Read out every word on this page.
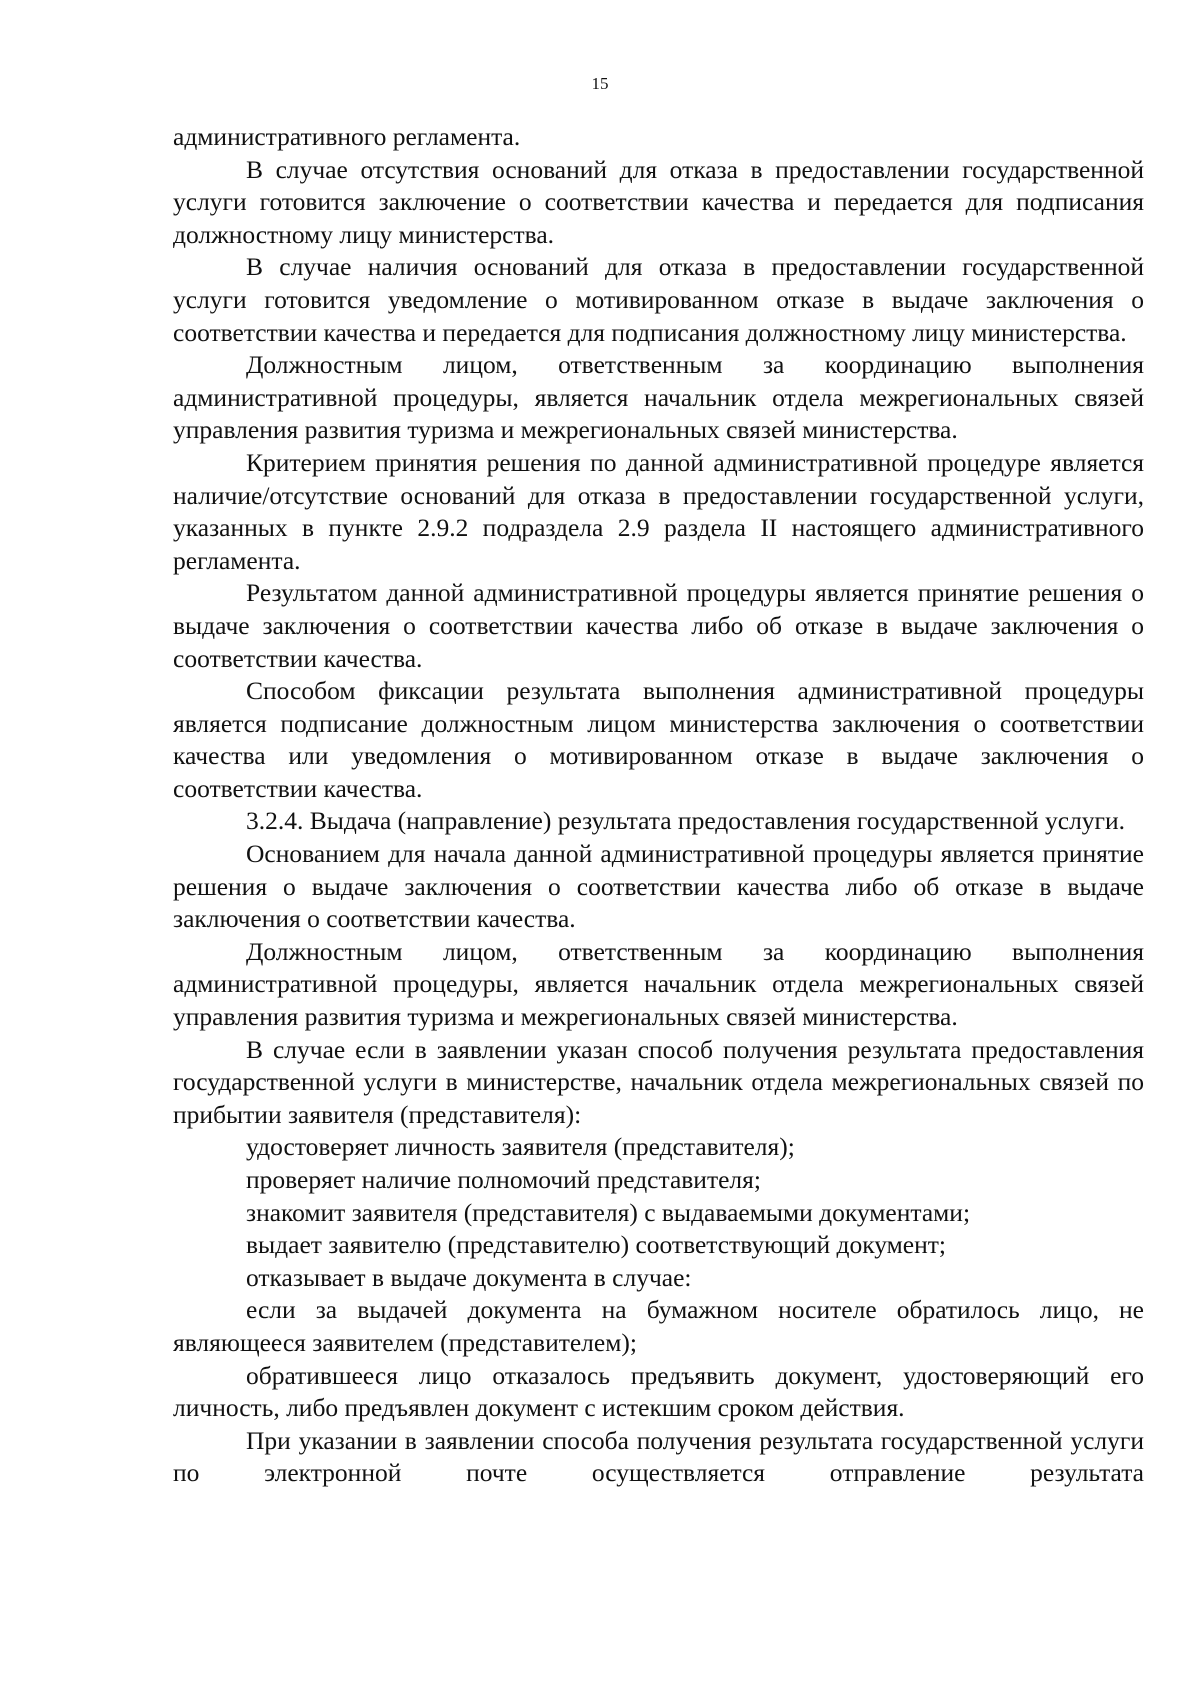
15

административного регламента.

В случае отсутствия оснований для отказа в предоставлении государственной услуги готовится заключение о соответствии качества и передается для подписания должностному лицу министерства.

В случае наличия оснований для отказа в предоставлении государственной услуги готовится уведомление о мотивированном отказе в выдаче заключения о соответствии качества и передается для подписания должностному лицу министерства.

Должностным лицом, ответственным за координацию выполнения административной процедуры, является начальник отдела межрегиональных связей управления развития туризма и межрегиональных связей министерства.

Критерием принятия решения по данной административной процедуре является наличие/отсутствие оснований для отказа в предоставлении государственной услуги, указанных в пункте 2.9.2 подраздела 2.9 раздела II настоящего административного регламента.

Результатом данной административной процедуры является принятие решения о выдаче заключения о соответствии качества либо об отказе в выдаче заключения о соответствии качества.

Способом фиксации результата выполнения административной процедуры является подписание должностным лицом министерства заключения о соответствии качества или уведомления о мотивированном отказе в выдаче заключения о соответствии качества.

3.2.4. Выдача (направление) результата предоставления государственной услуги.

Основанием для начала данной административной процедуры является принятие решения о выдаче заключения о соответствии качества либо об отказе в выдаче заключения о соответствии качества.

Должностным лицом, ответственным за координацию выполнения административной процедуры, является начальник отдела межрегиональных связей управления развития туризма и межрегиональных связей министерства.

В случае если в заявлении указан способ получения результата предоставления государственной услуги в министерстве, начальник отдела межрегиональных связей по прибытии заявителя (представителя):

удостоверяет личность заявителя (представителя);

проверяет наличие полномочий представителя;

знакомит заявителя (представителя) с выдаваемыми документами;

выдает заявителю (представителю) соответствующий документ;

отказывает в выдаче документа в случае:

если за выдачей документа на бумажном носителе обратилось лицо, не являющееся заявителем (представителем);

обратившееся лицо отказалось предъявить документ, удостоверяющий его личность, либо предъявлен документ с истекшим сроком действия.

При указании в заявлении способа получения результата государственной услуги по электронной почте осуществляется отправление результата
